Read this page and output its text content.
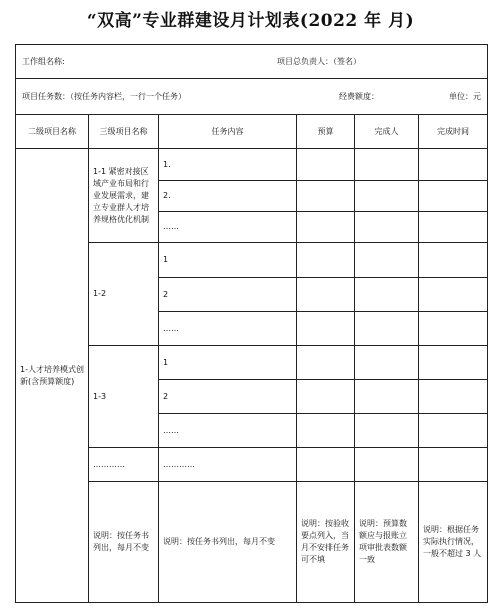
“双高”专业群建设月计划表(2022 年 月)
工作组名称: 项目总负责人：（签名）						

项目任务数：（按任务内容栏，一行一个任务） 经费额度： 单位：元						

二级项目名称	三级项目名称	任务内容	预算	完成人	完成时间	
1-人才培养模式创新(含预算额度)	1-1 紧密对接区域产业布局和行业发展需求，建立专业群人才培养规格优化机制	1.				
		2.				
		……				
	1-2	1				
		2				
		……				
	1-3	1				
		2				
		……				
	…………	…………				
	说明：按任务书列出，每月不变	说明：按任务书列出，每月不变	说明：按验收要点列入，当月不安排任务可不填	说明：预算数额应与报账立项审批表数额一致	说明：根据任务实际执行情况，一般不超过 3 人	
